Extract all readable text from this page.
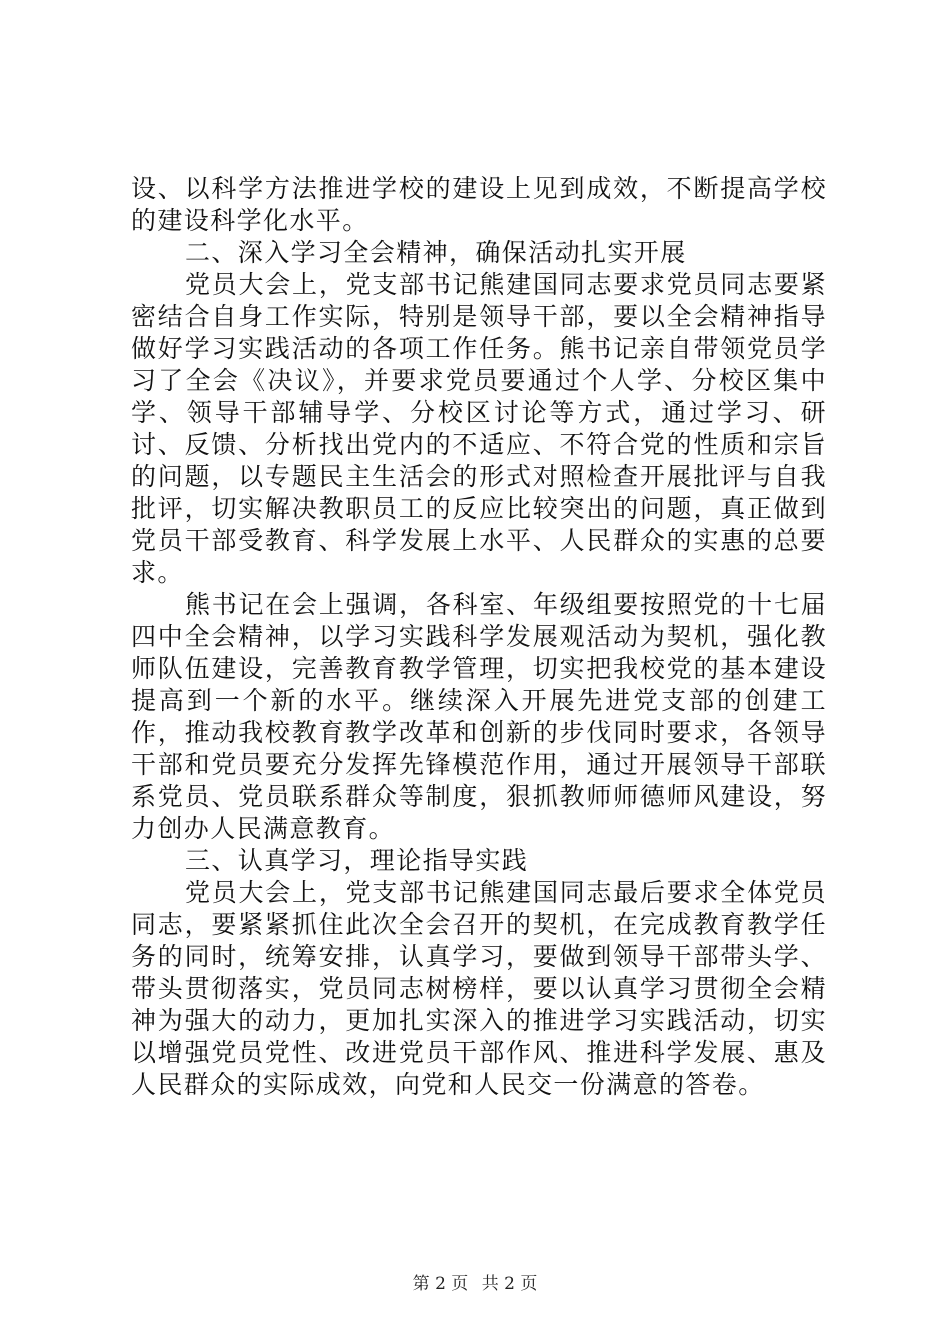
设、以科学方法推进学校的建设上见到成效，不断提高学校的建设科学化水平。

二、深入学习全会精神，确保活动扎实开展

党员大会上，党支部书记熊建国同志要求党员同志要紧密结合自身工作实际，特别是领导干部，要以全会精神指导做好学习实践活动的各项工作任务。熊书记亲自带领党员学习了全会《决议》，并要求党员要通过个人学、分校区集中学、领导干部辅导学、分校区讨论等方式，通过学习、研讨、反馈、分析找出党内的不适应、不符合党的性质和宗旨的问题，以专题民主生活会的形式对照检查开展批评与自我批评，切实解决教职员工的反应比较突出的问题，真正做到党员干部受教育、科学发展上水平、人民群众的实惠的总要求。

熊书记在会上强调，各科室、年级组要按照党的十七届四中全会精神，以学习实践科学发展观活动为契机，强化教师队伍建设，完善教育教学管理，切实把我校党的基本建设提高到一个新的水平。继续深入开展先进党支部的创建工作，推动我校教育教学改革和创新的步伐同时要求，各领导干部和党员要充分发挥先锋模范作用，通过开展领导干部联系党员、党员联系群众等制度，狠抓教师师德师风建设，努力创办人民满意教育。

三、认真学习，理论指导实践

党员大会上，党支部书记熊建国同志最后要求全体党员同志，要紧紧抓住此次全会召开的契机，在完成教育教学任务的同时，统筹安排，认真学习，要做到领导干部带头学、带头贯彻落实，党员同志树榜样，要以认真学习贯彻全会精神为强大的动力，更加扎实深入的推进学习实践活动，切实以增强党员党性、改进党员干部作风、推进科学发展、惠及人民群众的实际成效，向党和人民交一份满意的答卷。

第 2 页 共 2 页
